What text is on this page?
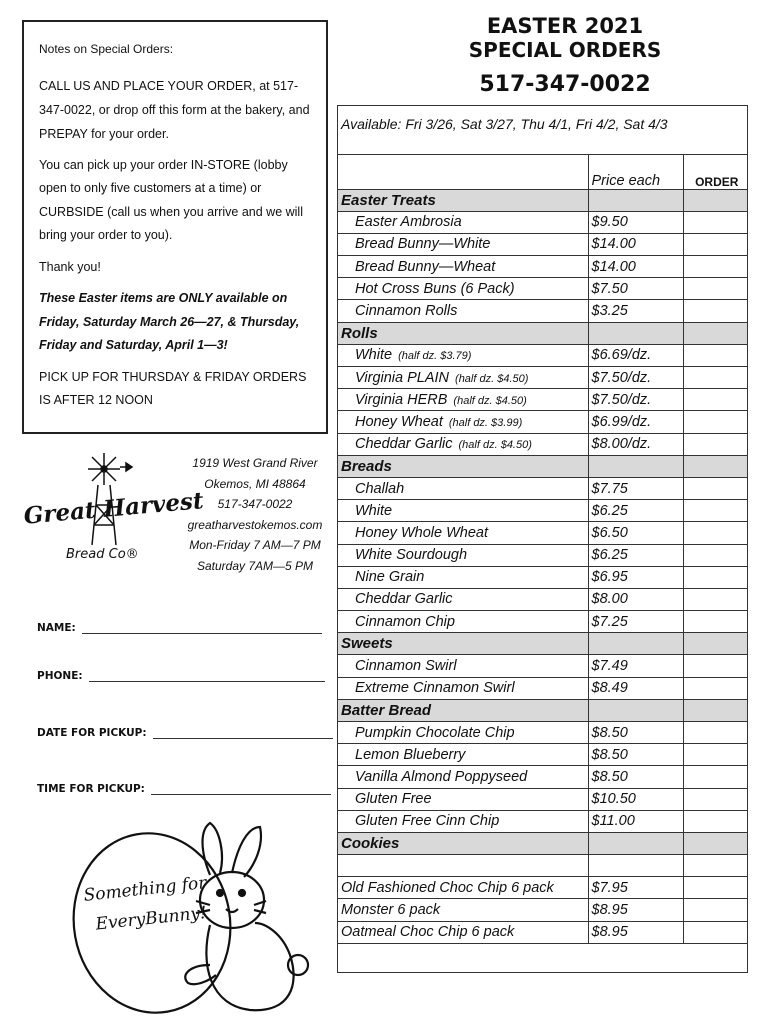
Notes on Special Orders:

CALL US AND PLACE YOUR ORDER, at 517-347-0022, or drop off this form at the bakery, and PREPAY for your order.

You can pick up your order IN-STORE (lobby open to only five customers at a time) or CURBSIDE (call us when you arrive and we will bring your order to you).

Thank you!

These Easter items are ONLY available on Friday, Saturday March 26—27, & Thursday, Friday and Saturday, April 1—3!

PICK UP FOR THURSDAY & FRIDAY ORDERS IS AFTER 12 NOON

EASTER 2021
SPECIAL ORDERS
517-347-0022
Available: Fri 3/26, Sat 3/27, Thu 4/1, Fri 4/2, Sat 4/3
	Price each	ORDER
Easter Treats		
Easter Ambrosia	$9.50	
Bread Bunny—White	$14.00	
Bread Bunny—Wheat	$14.00	
Hot Cross Buns (6 Pack)	$7.50	
Cinnamon Rolls	$3.25	
Rolls		
White (half dz. $3.79)	$6.69/dz.	
Virginia PLAIN (half dz. $4.50)	$7.50/dz.	
Virginia HERB (half dz. $4.50)	$7.50/dz.	
Honey Wheat (half dz. $3.99)	$6.99/dz.	
Cheddar Garlic (half dz. $4.50)	$8.00/dz.	
Breads		
Challah	$7.75	
White	$6.25	
Honey Whole Wheat	$6.50	
White Sourdough	$6.25	
Nine Grain	$6.95	
Cheddar Garlic	$8.00	
Cinnamon Chip	$7.25	
Sweets		
Cinnamon Swirl	$7.49	
Extreme Cinnamon Swirl	$8.49	
Batter Bread		
Pumpkin Chocolate Chip	$8.50	
Lemon Blueberry	$8.50	
Vanilla Almond Poppyseed	$8.50	
Gluten Free	$10.50	
Gluten Free Cinn Chip	$11.00	
Cookies		

Old Fashioned Choc Chip 6 pack	$7.95	
Monster 6 pack	$8.95	
Oatmeal Choc Chip 6 pack	$8.95	
Great Harvest
Bread Co®
1919 West Grand River
Okemos, MI 48864
517-347-0022
greatharvestokemos.com
Mon-Friday 7 AM—7 PM
Saturday 7AM—5 PM
NAME:
PHONE:
DATE FOR PICKUP:
TIME FOR PICKUP:
Something for
EveryBunny!
